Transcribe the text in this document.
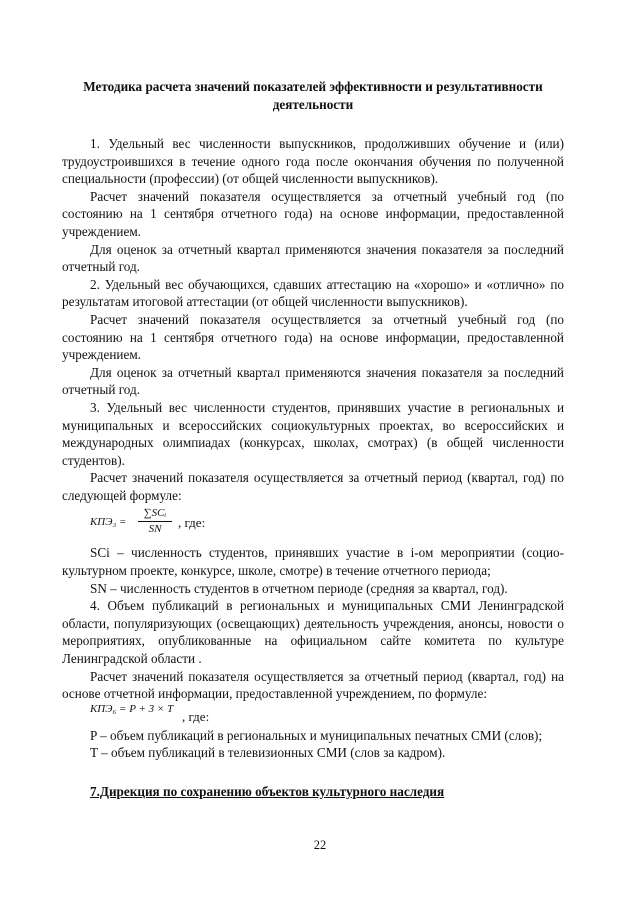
Методика расчета значений показателей эффективности и результативности деятельности

1. Удельный вес численности выпускников, продолживших обучение и (или) трудоустроившихся в течение одного года после окончания обучения по полученной специальности (профессии) (от общей численности выпускников).

Расчет значений показателя осуществляется за отчетный учебный год (по состоянию на 1 сентября отчетного года) на основе информации, предоставленной учреждением.

Для оценок за отчетный квартал применяются значения показателя за последний отчетный год.

2. Удельный вес обучающихся, сдавших аттестацию на «хорошо» и «отлично» по результатам итоговой аттестации (от общей численности выпускников).

Расчет значений показателя осуществляется за отчетный учебный год (по состоянию на 1 сентября отчетного года) на основе информации, предоставленной учреждением.

Для оценок за отчетный квартал применяются значения показателя за последний отчетный год.

3. Удельный вес численности студентов, принявших участие в региональных и муниципальных и всероссийских социокультурных проектах, во всероссийских и международных олимпиадах (конкурсах, школах, смотрах) (в общей численности студентов).

Расчет значений показателя осуществляется за отчетный период (квартал, год) по следующей формуле:

КПЭ₃ =
∑SCᵢ
SN	, где:

SCi – численность студентов, принявших участие в i-ом мероприятии (социо-культурном проекте, конкурсе, школе, смотре) в течение отчетного периода;

SN – численность студентов в отчетном периоде (средняя за квартал, год).

4. Объем публикаций в региональных и муниципальных СМИ Ленинградской области, популяризующих (освещающих) деятельность учреждения, анонсы, новости о мероприятиях, опубликованные на официальном сайте комитета по культуре Ленинградской области .

Расчет значений показателя осуществляется за отчетный период (квартал, год) на основе отчетной информации, предоставленной учреждением, по формуле:

КПЭ₆ = P + 3 × T , где:

P – объем публикаций в региональных и муниципальных печатных СМИ (слов);

T – объем публикаций в телевизионных СМИ (слов за кадром).

7.Дирекция по сохранению объектов культурного наследия
22
